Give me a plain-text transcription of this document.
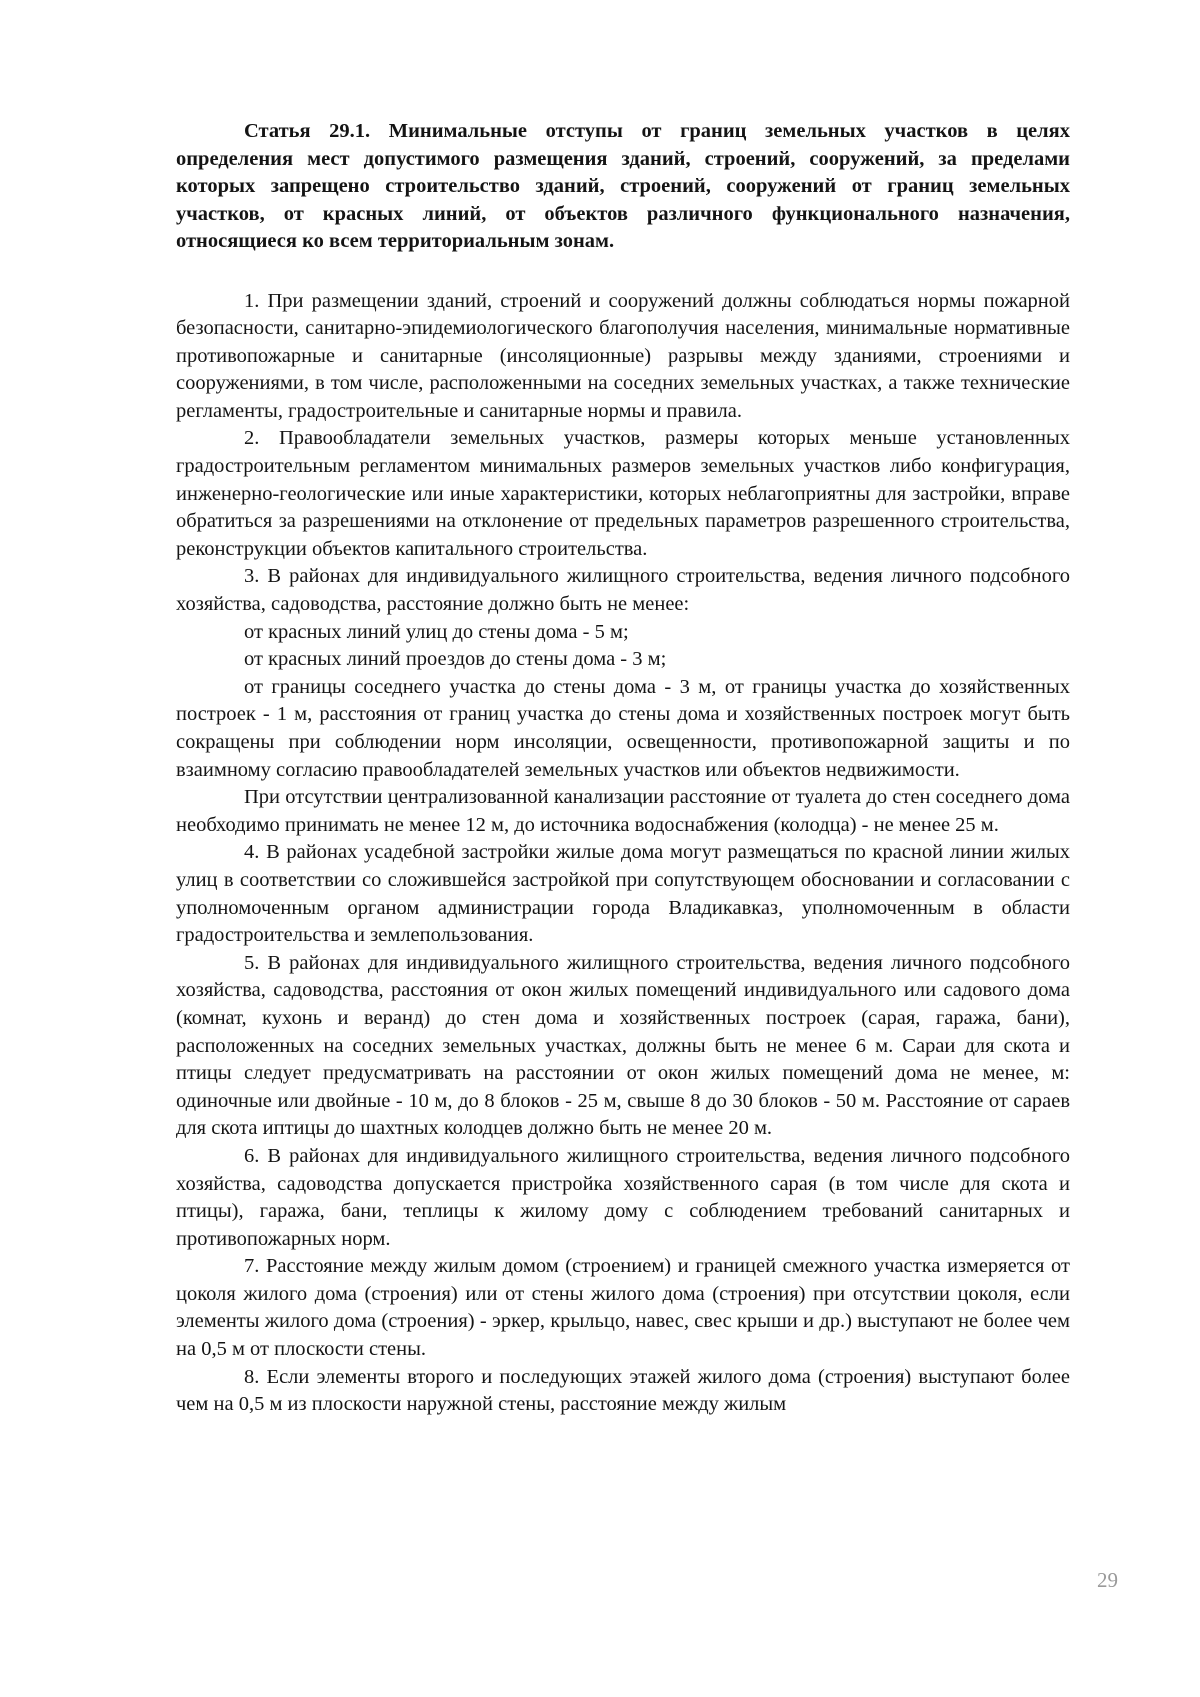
Статья 29.1. Минимальные отступы от границ земельных участков в целях определения мест допустимого размещения зданий, строений, сооружений, за пределами которых запрещено строительство зданий, строений, сооружений от границ земельных участков, от красных линий, от объектов различного функционального назначения, относящиеся ко всем территориальным зонам.

1. При размещении зданий, строений и сооружений должны соблюдаться нормы пожарной безопасности, санитарно-эпидемиологического благополучия населения, минимальные нормативные противопожарные и санитарные (инсоляционные) разрывы между зданиями, строениями и сооружениями, в том числе, расположенными на соседних земельных участках, а также технические регламенты, градостроительные и санитарные нормы и правила.

2. Правообладатели земельных участков, размеры которых меньше установленных градостроительным регламентом минимальных размеров земельных участков либо конфигурация, инженерно-геологические или иные характеристики, которых неблагоприятны для застройки, вправе обратиться за разрешениями на отклонение от предельных параметров разрешенного строительства, реконструкции объектов капитального строительства.

3. В районах для индивидуального жилищного строительства, ведения личного подсобного хозяйства, садоводства, расстояние должно быть не менее:

от красных линий улиц до стены дома - 5 м;

от красных линий проездов до стены дома - 3 м;

от границы соседнего участка до стены дома - 3 м, от границы участка до хозяйственных построек - 1 м, расстояния от границ участка до стены дома и хозяйственных построек могут быть сокращены при соблюдении норм инсоляции, освещенности, противопожарной защиты и по взаимному согласию правообладателей земельных участков или объектов недвижимости.

При отсутствии централизованной канализации расстояние от туалета до стен соседнего дома необходимо принимать не менее 12 м, до источника водоснабжения (колодца) - не менее 25 м.

4. В районах усадебной застройки жилые дома могут размещаться по красной линии жилых улиц в соответствии со сложившейся застройкой при сопутствующем обосновании и согласовании с уполномоченным органом администрации города Владикавказ, уполномоченным в области градостроительства и землепользования.

5. В районах для индивидуального жилищного строительства, ведения личного подсобного хозяйства, садоводства, расстояния от окон жилых помещений индивидуального или садового дома (комнат, кухонь и веранд) до стен дома и хозяйственных построек (сарая, гаража, бани), расположенных на соседних земельных участках, должны быть не менее 6 м. Сараи для скота и птицы следует предусматривать на расстоянии от окон жилых помещений дома не менее, м: одиночные или двойные - 10 м, до 8 блоков - 25 м, свыше 8 до 30 блоков - 50 м. Расстояние от сараев для скота иптицы до шахтных колодцев должно быть не менее 20 м.

6. В районах для индивидуального жилищного строительства, ведения личного подсобного хозяйства, садоводства допускается пристройка хозяйственного сарая (в том числе для скота и птицы), гаража, бани, теплицы к жилому дому с соблюдением требований санитарных и противопожарных норм.

7. Расстояние между жилым домом (строением) и границей смежного участка измеряется от цоколя жилого дома (строения) или от стены жилого дома (строения) при отсутствии цоколя, если элементы жилого дома (строения) - эркер, крыльцо, навес, свес крыши и др.) выступают не более чем на 0,5 м от плоскости стены.

8. Если элементы второго и последующих этажей жилого дома (строения) выступают более чем на 0,5 м из плоскости наружной стены, расстояние между жилым

29
